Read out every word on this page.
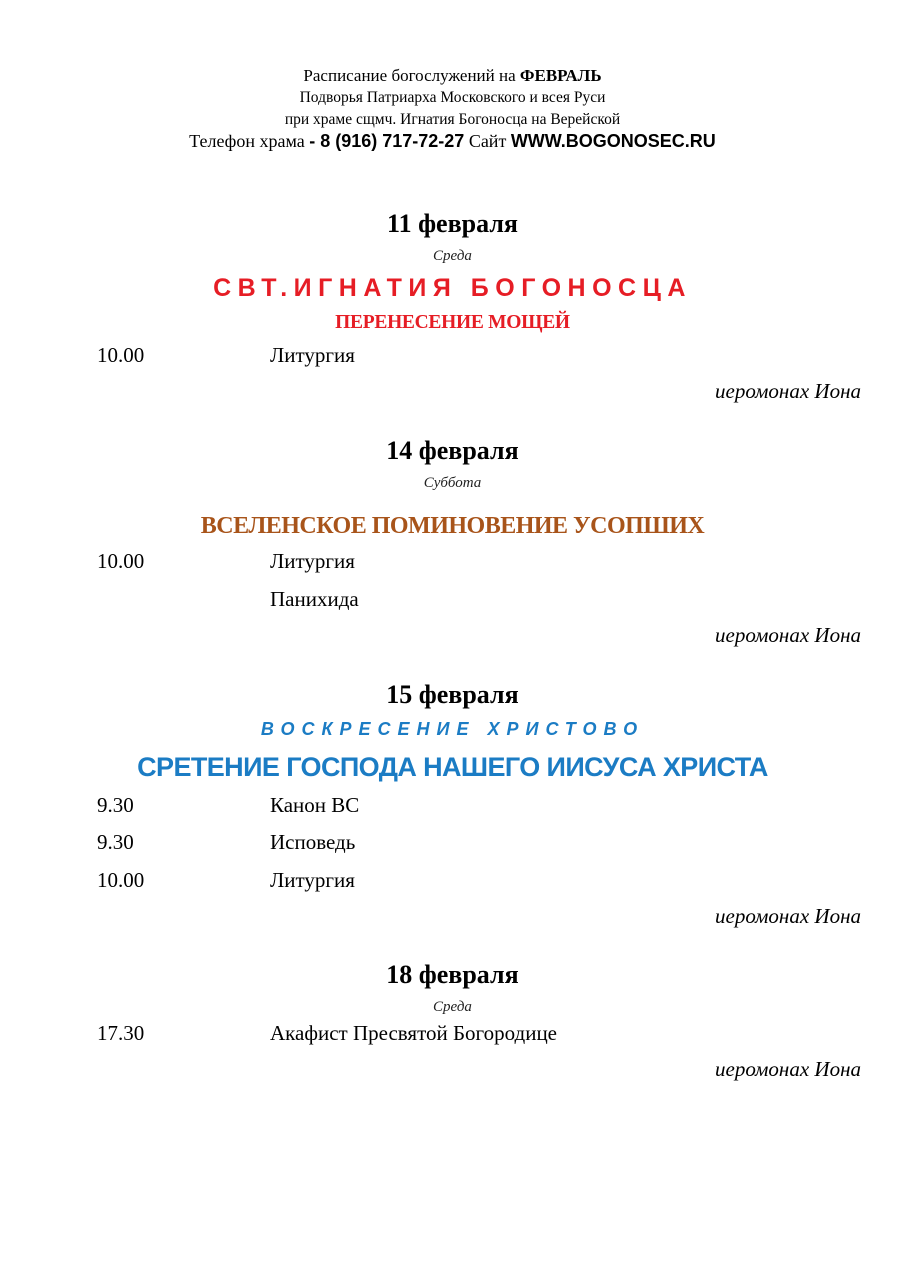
Расписание богослужений на ФЕВРАЛЬ
Подворья Патриарха Московского и всея Руси
при храме сщмч. Игнатия Богоносца на Верейской
Телефон храма - 8 (916) 717-72-27 Сайт WWW.BOGONOSEC.RU
11 февраля
Среда
СВТ.ИГНАТИЯ БОГОНОСЦА
ПЕРЕНЕСЕНИЕ МОЩЕЙ
10.00	Литургия
иеромонах Иона
14 февраля
Суббота
ВСЕЛЕНСКОЕ ПОМИНОВЕНИЕ УСОПШИХ
10.00	Литургия
Панихида
иеромонах Иона
15 февраля
ВОСКРЕСЕНИЕ ХРИСТОВО
СРЕТЕНИЕ ГОСПОДА НАШЕГО ИИСУСА ХРИСТА
9.30	Канон ВС
9.30	Исповедь
10.00	Литургия
иеромонах Иона
18 февраля
Среда
17.30	Акафист Пресвятой Богородице
иеромонах Иона
